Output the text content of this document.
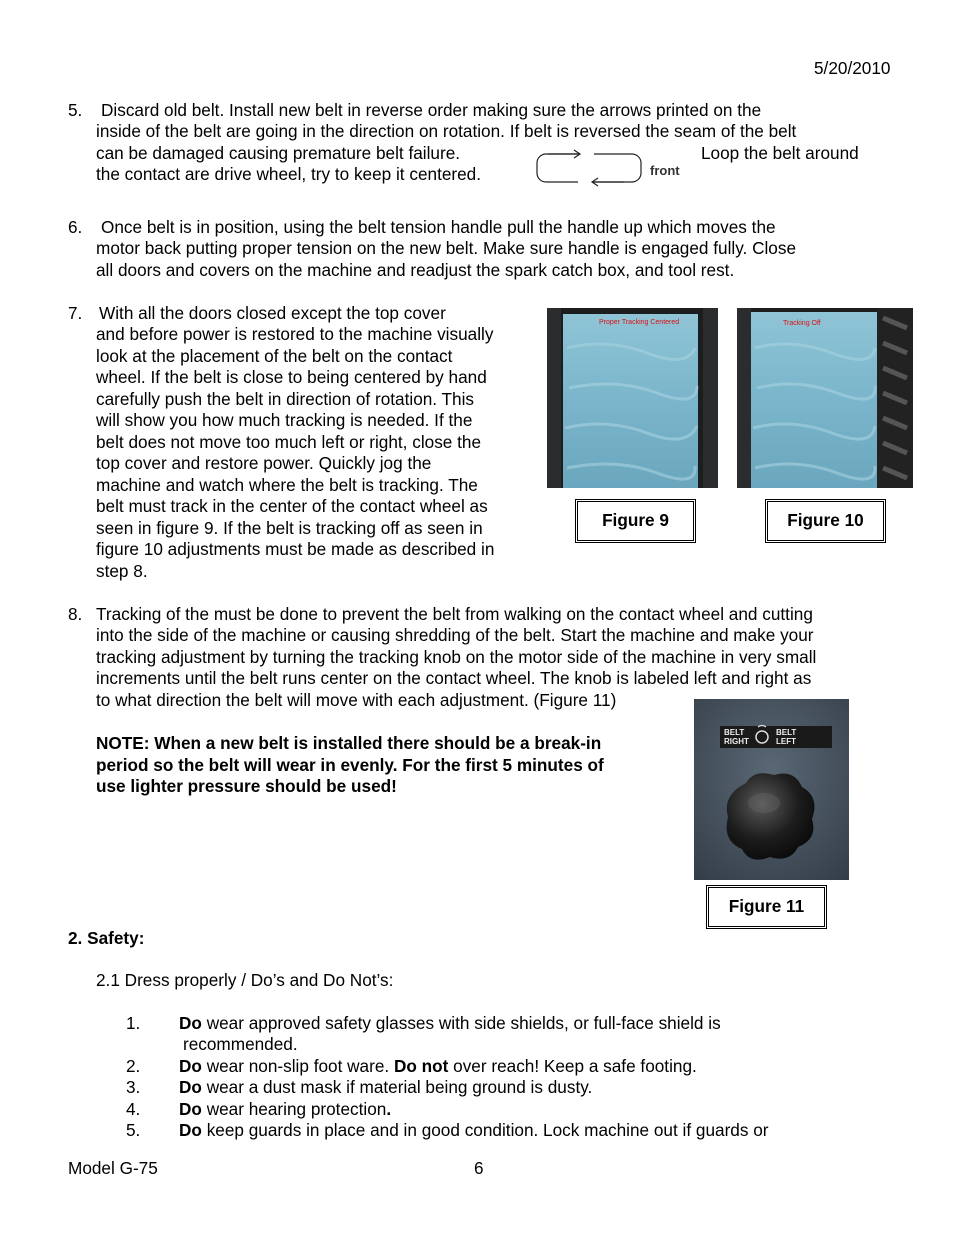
5/20/2010
5. Discard old belt. Install new belt in reverse order making sure the arrows printed on the
inside of the belt are going in the direction on rotation. If belt is reversed the seam of the belt
can be damaged causing premature belt failure.	Loop the belt around
the contact are drive wheel, try to keep it centered.	front
6. Once belt is in position, using the belt tension handle pull the handle up which moves the
motor back putting proper tension on the new belt. Make sure handle is engaged fully. Close
all doors and covers on the machine and readjust the spark catch box, and tool rest.
7. With all the doors closed except the top cover
and before power is restored to the machine visually
look at the placement of the belt on the contact
wheel. If the belt is close to being centered by hand
carefully push the belt in direction of rotation. This
will show you how much tracking is needed. If the
belt does not move too much left or right, close the
top cover and restore power. Quickly jog the
machine and watch where the belt is tracking. The
belt must track in the center of the contact wheel as
seen in figure 9. If the belt is tracking off as seen in
figure 10 adjustments must be made as described in
step 8.
Proper Tracking Centered	Tracking Off
Figure 9	Figure 10
8. Tracking of the must be done to prevent the belt from walking on the contact wheel and cutting
into the side of the machine or causing shredding of the belt. Start the machine and make your
tracking adjustment by turning the tracking knob on the motor side of the machine in very small
increments until the belt runs center on the contact wheel. The knob is labeled left and right as
to what direction the belt will move with each adjustment. (Figure 11)
NOTE: When a new belt is installed there should be a break-in
period so the belt will wear in evenly. For the first 5 minutes of
use lighter pressure should be used!
BELT RIGHT
BELT LEFT
Figure 11
2. Safety:
2.1 Dress properly / Do’s and Do Not’s:
1. Do wear approved safety glasses with side shields, or full-face shield is
recommended.
2. Do wear non-slip foot ware. Do not over reach! Keep a safe footing.
3. Do wear a dust mask if material being ground is dusty.
4. Do wear hearing protection.
5. Do keep guards in place and in good condition. Lock machine out if guards or
Model G-75	6
